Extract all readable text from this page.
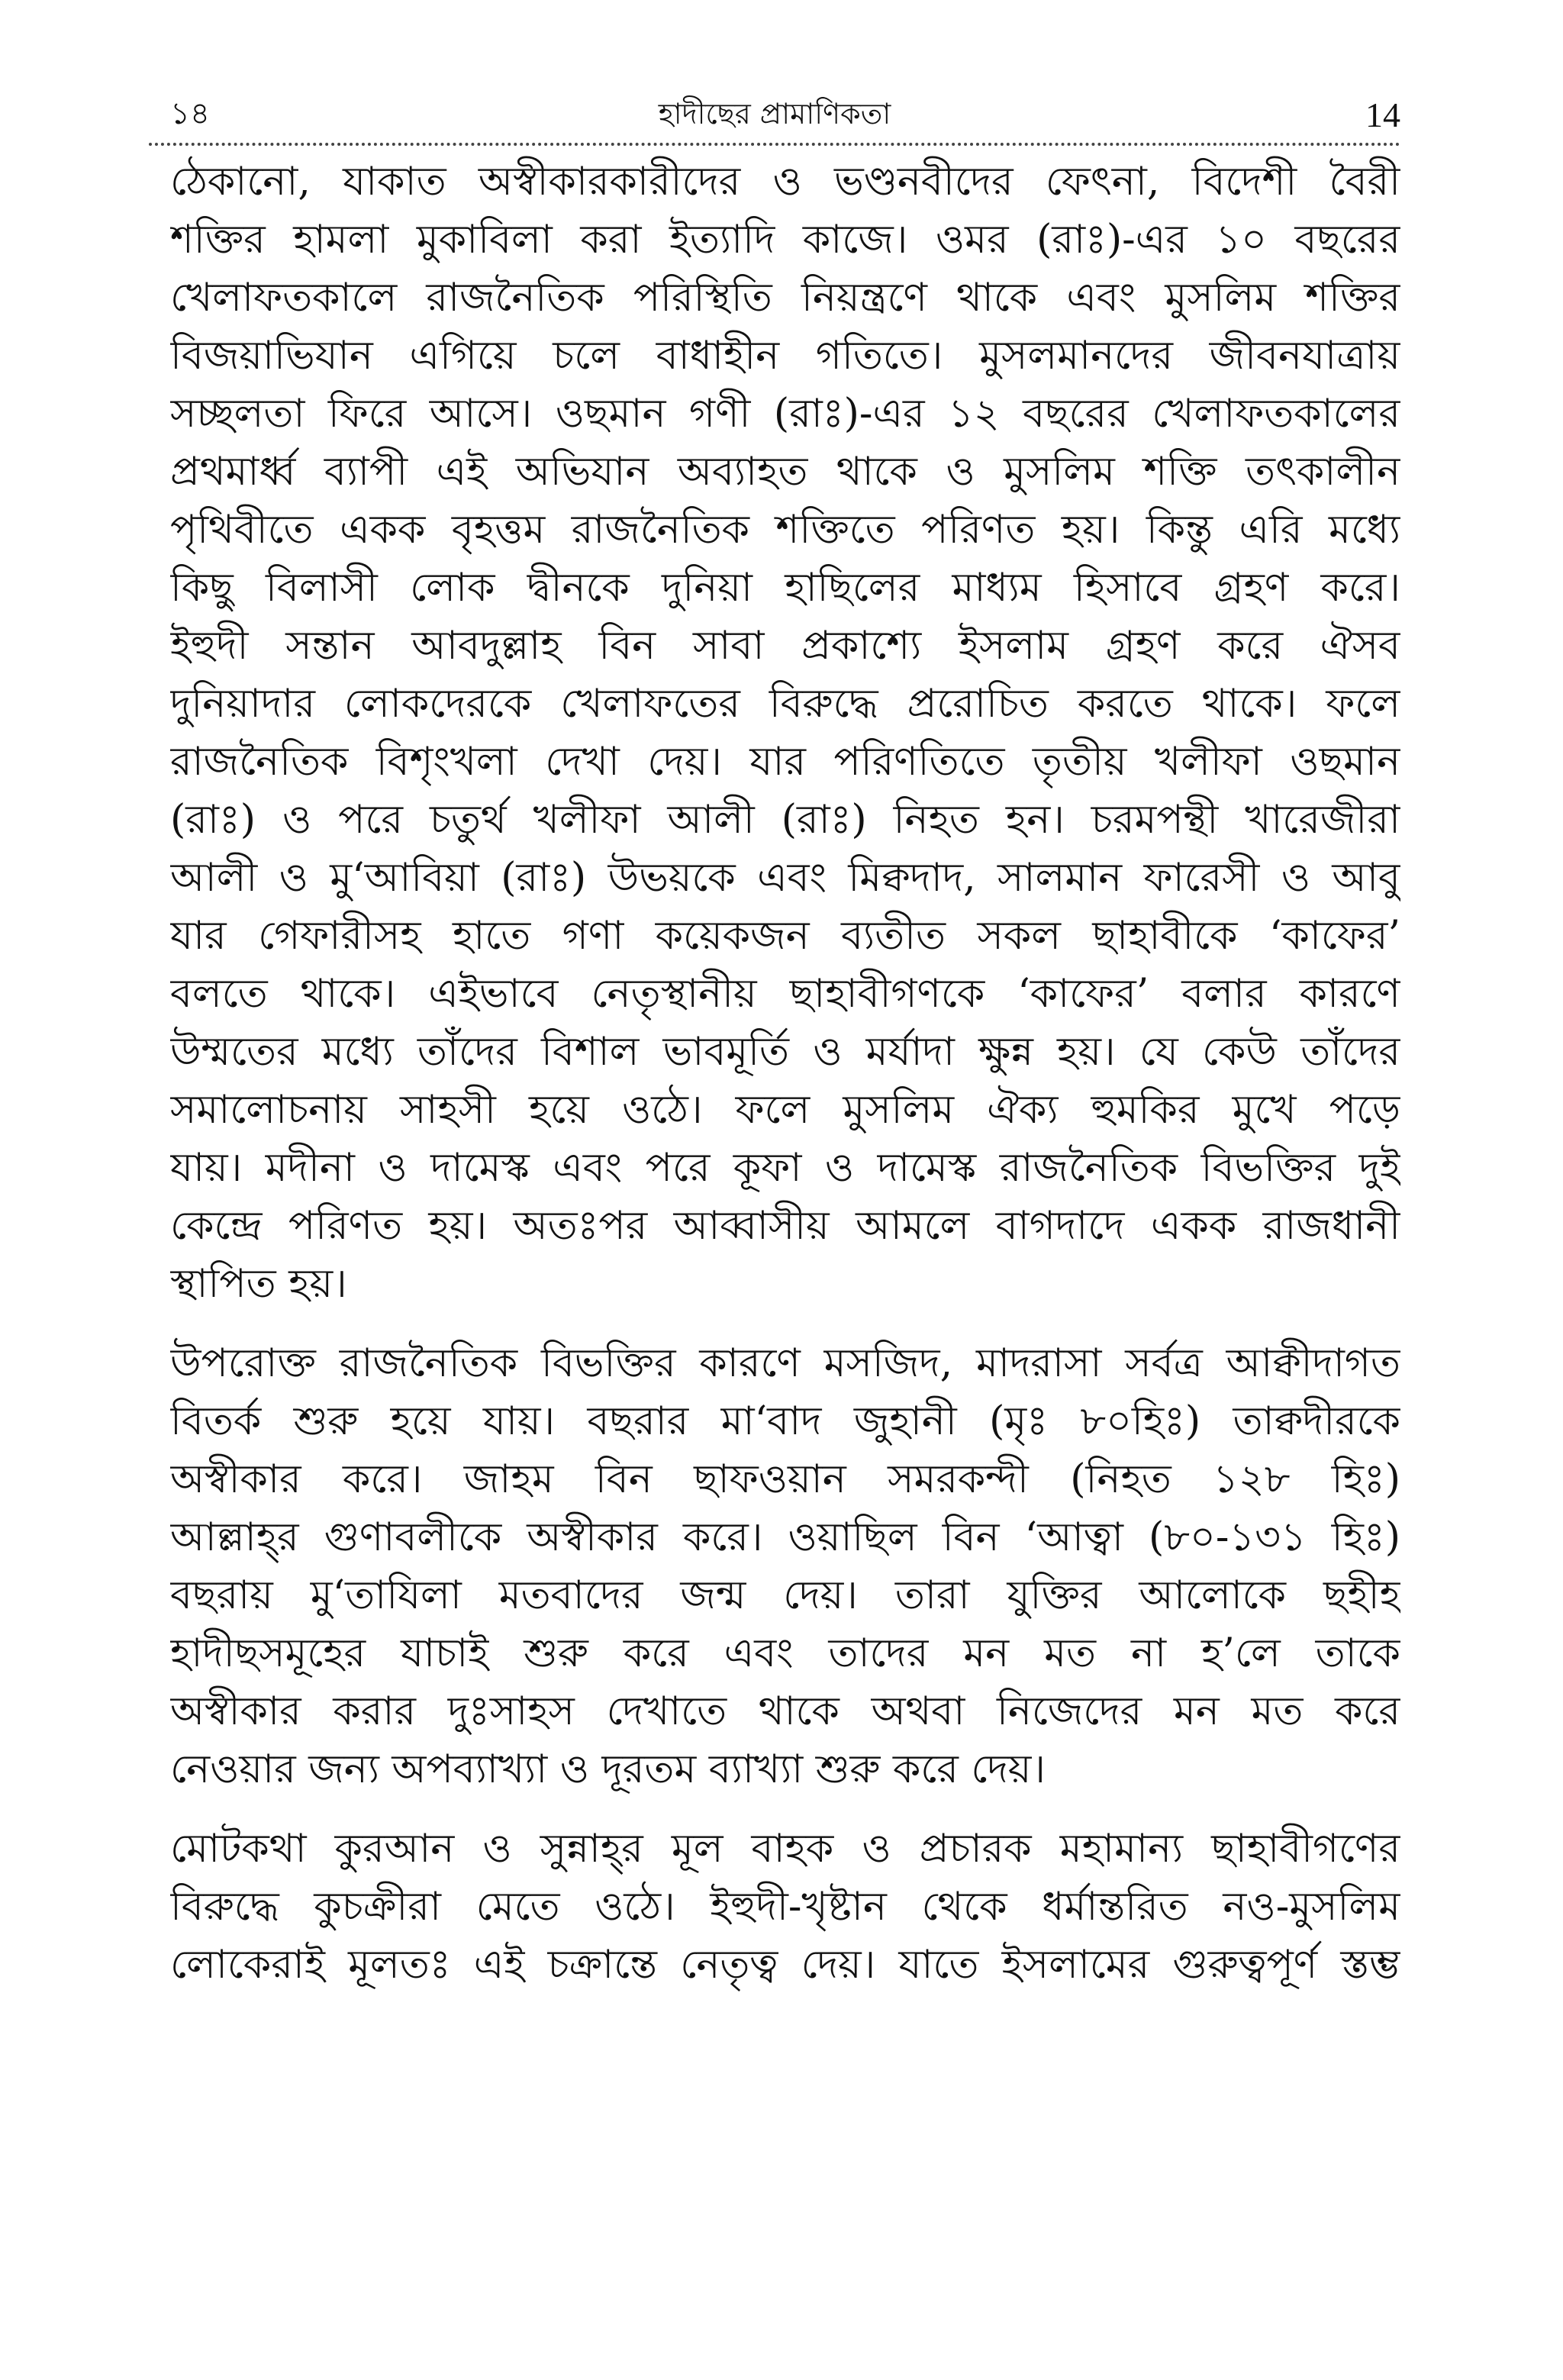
১৪	হাদীছের প্রামাণিকতা	14
ঠেকানো, যাকাত অস্বীকারকারীদের ও ভণ্ডনবীদের ফেৎনা, বিদেশী বৈরী
শক্তির হামলা মুকাবিলা করা ইত্যাদি কাজে। ওমর (রাঃ)-এর ১০ বছরের
খেলাফতকালে রাজনৈতিক পরিস্থিতি নিয়ন্ত্রণে থাকে এবং মুসলিম শক্তির
বিজয়াভিযান এগিয়ে চলে বাধাহীন গতিতে। মুসলমানদের জীবনযাত্রায়
সচ্ছলতা ফিরে আসে। ওছমান গণী (রাঃ)-এর ১২ বছরের খেলাফতকালের
প্রথমার্ধ্ব ব্যাপী এই অভিযান অব্যাহত থাকে ও মুসলিম শক্তি তৎকালীন
পৃথিবীতে একক বৃহত্তম রাজনৈতিক শক্তিতে পরিণত হয়। কিন্তু এরি মধ্যে
কিছু বিলাসী লোক দ্বীনকে দুনিয়া হাছিলের মাধ্যম হিসাবে গ্রহণ করে।
ইহুদী সন্তান আবদুল্লাহ বিন সাবা প্রকাশ্যে ইসলাম গ্রহণ করে ঐসব
দুনিয়াদার লোকদেরকে খেলাফতের বিরুদ্ধে প্ররোচিত করতে থাকে। ফলে
রাজনৈতিক বিশৃংখলা দেখা দেয়। যার পরিণতিতে তৃতীয় খলীফা ওছমান
(রাঃ) ও পরে চতুর্থ খলীফা আলী (রাঃ) নিহত হন। চরমপন্থী খারেজীরা
আলী ও মু‘আবিয়া (রাঃ) উভয়কে এবং মিক্বদাদ, সালমান ফারেসী ও আবু
যার গেফারীসহ হাতে গণা কয়েকজন ব্যতীত সকল ছাহাবীকে ‘কাফের’
বলতে থাকে। এইভাবে নেতৃস্থানীয় ছাহাবীগণকে ‘কাফের’ বলার কারণে
উম্মতের মধ্যে তাঁদের বিশাল ভাবমূর্তি ও মর্যাদা ক্ষুন্ন হয়। যে কেউ তাঁদের
সমালোচনায় সাহসী হয়ে ওঠে। ফলে মুসলিম ঐক্য হুমকির মুখে পড়ে
যায়। মদীনা ও দামেস্ক এবং পরে কূফা ও দামেস্ক রাজনৈতিক বিভক্তির দুই
কেন্দ্রে পরিণত হয়। অতঃপর আব্বাসীয় আমলে বাগদাদে একক রাজধানী
স্থাপিত হয়।
উপরোক্ত রাজনৈতিক বিভক্তির কারণে মসজিদ, মাদরাসা সর্বত্র আক্বীদাগত
বিতর্ক শুরু হয়ে যায়। বছরার মা‘বাদ জুহানী (মৃঃ ৮০হিঃ) তাক্বদীরকে
অস্বীকার করে। জাহম বিন ছাফওয়ান সমরকন্দী (নিহত ১২৮ হিঃ)
আল্লাহ্‌র গুণাবলীকে অস্বীকার করে। ওয়াছিল বিন ‘আত্বা (৮০-১৩১ হিঃ)
বছরায় মু‘তাযিলা মতবাদের জন্ম দেয়। তারা যুক্তির আলোকে ছহীহ
হাদীছসমূহের যাচাই শুরু করে এবং তাদের মন মত না হ’লে তাকে
অস্বীকার করার দুঃসাহস দেখাতে থাকে অথবা নিজেদের মন মত করে
নেওয়ার জন্য অপব্যাখ্যা ও দূরতম ব্যাখ্যা শুরু করে দেয়।
মোটকথা কুরআন ও সুন্নাহ্‌র মূল বাহক ও প্রচারক মহামান্য ছাহাবীগণের
বিরুদ্ধে কুচক্রীরা মেতে ওঠে। ইহুদী-খৃষ্টান থেকে ধর্মান্তরিত নও-মুসলিম
লোকেরাই মূলতঃ এই চক্রান্তে নেতৃত্ব দেয়। যাতে ইসলামের গুরুত্বপূর্ণ স্তম্ভ
